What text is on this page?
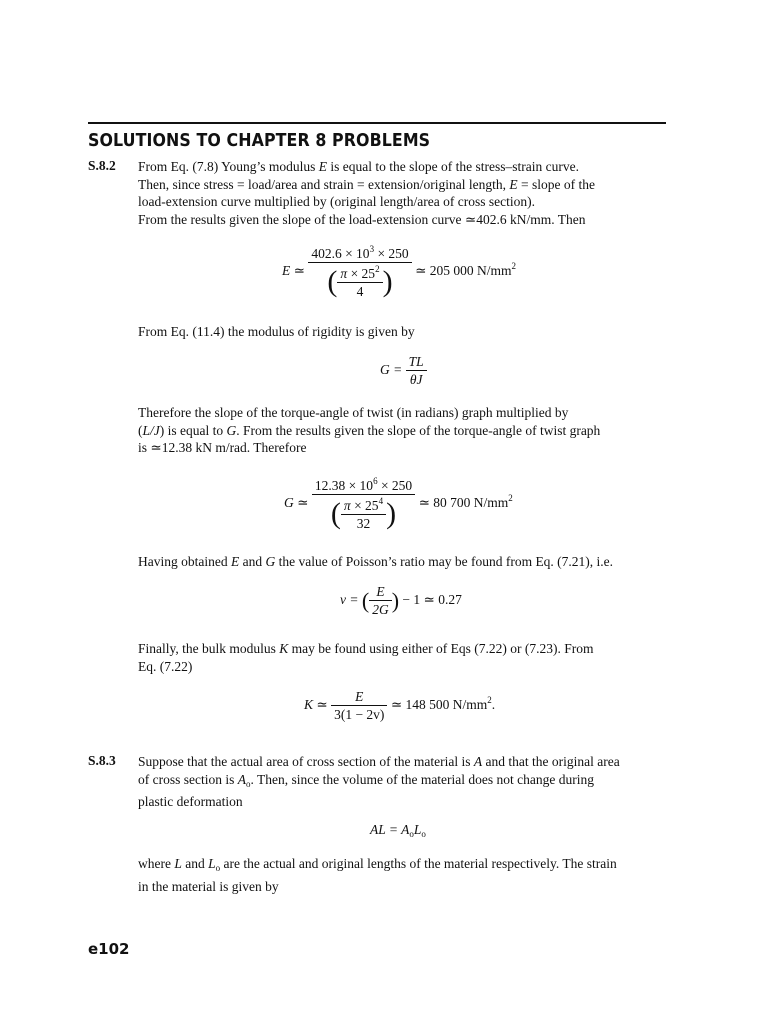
SOLUTIONS TO CHAPTER 8 PROBLEMS
S.8.2 From Eq. (7.8) Young’s modulus E is equal to the slope of the stress–strain curve.

Then, since stress = load/area and strain = extension/original length, E = slope of the

load-extension curve multiplied by (original length/area of cross section).

From the results given the slope of the load-extension curve ≃402.6 kN/mm. Then

E ≃ $\frac{402.6 \times 10^3 \times 250}{( \frac{\pi \times 25^2}{4} )}$ ≃ 205 000 $N/mm^2$

From Eq. (11.4) the modulus of rigidity is given by

$G = \frac{TL}{\theta J}$

Therefore the slope of the torque-angle of twist (in radians) graph multiplied by

(L/J) is equal to G. From the results given the slope of the torque-angle of twist graph

is ≃12.38 kN m/rad. Therefore

G ≃ $\frac{12.38 \times 10^6 \times 250}{( \frac{\pi \times 25^4}{32} )}$ ≃ 80 700 $N/mm^2$

Having obtained E and G the value of Poisson’s ratio may be found from Eq. (7.21), i.e.

v = ( $\frac{E}{2G}$ ) − 1 ≃ 0.27

Finally, the bulk modulus K may be found using either of Eqs (7.22) or (7.23). From

Eq. (7.22)

K ≃ $\frac{E}{3(1 - 2v)}$ ≃ 148 500 $N/mm^2$.
S.8.3 Suppose that the actual area of cross section of the material is A and that the original area

of cross section is $A_o$. Then, since the volume of the material does not change during

plastic deformation

AL = $A_oL_o$

where L and $L_o$ are the actual and original lengths of the material respectively. The strain

in the material is given by

e102
